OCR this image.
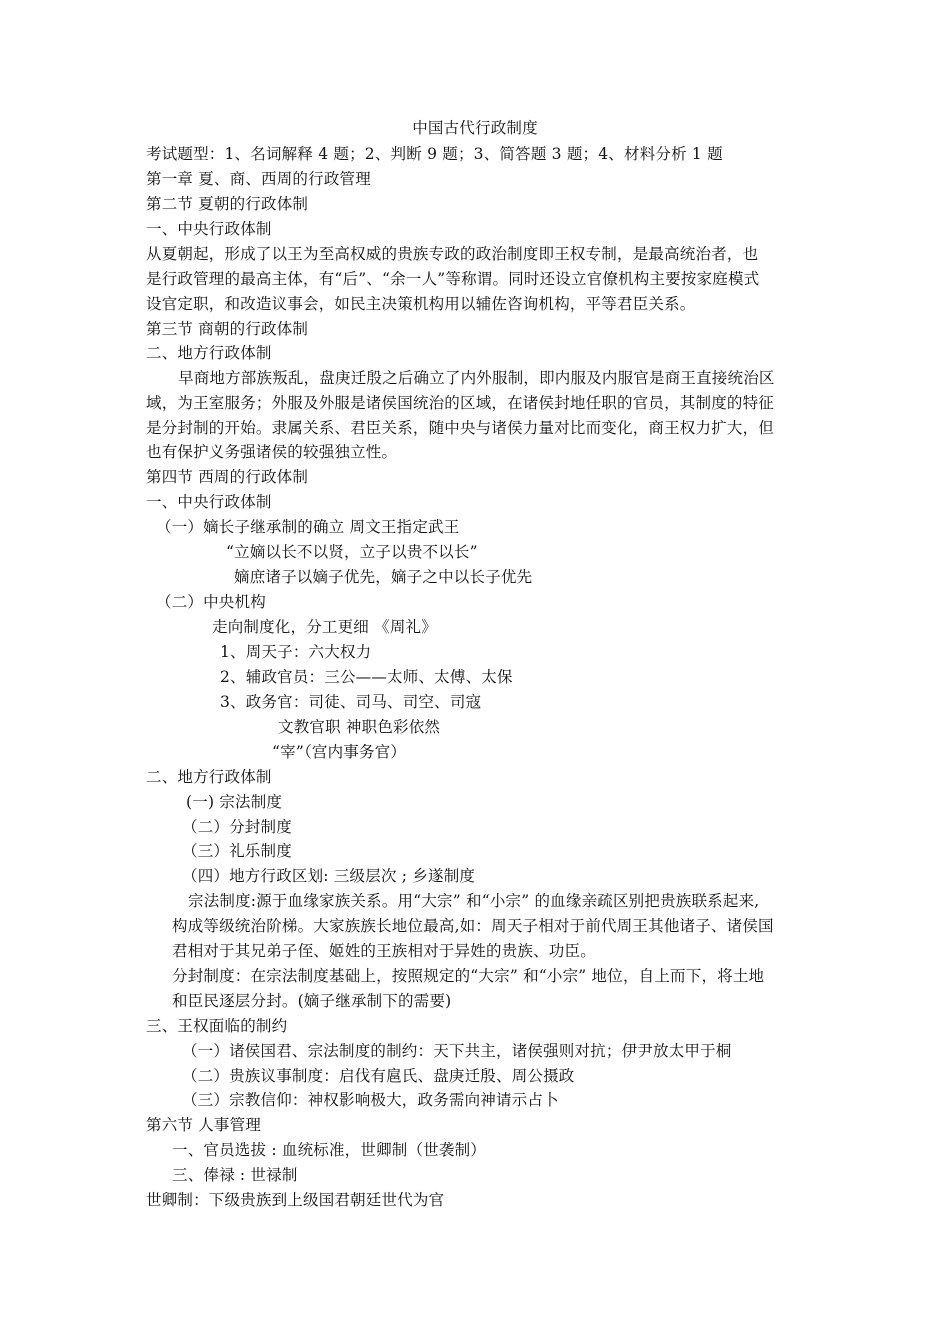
中国古代行政制度
考试题型：1、名词解释 4 题；2、判断 9 题；3、简答题 3 题；4、材料分析 1 题
第一章 夏、商、西周的行政管理
第二节 夏朝的行政体制
一、中央行政体制
从夏朝起，形成了以王为至高权威的贵族专政的政治制度即王权专制，是最高统治者，也
是行政管理的最高主体，有“后”、“余一人”等称谓。同时还设立官僚机构主要按家庭模式
设官定职，和改造议事会，如民主决策机构用以辅佐咨询机构，平等君臣关系。
第三节 商朝的行政体制
二、地方行政体制
早商地方部族叛乱，盘庚迁殷之后确立了内外服制，即内服及内服官是商王直接统治区
域，为王室服务；外服及外服是诸侯国统治的区域，在诸侯封地任职的官员，其制度的特征
是分封制的开始。隶属关系、君臣关系，随中央与诸侯力量对比而变化，商王权力扩大，但
也有保护义务强诸侯的较强独立性。
第四节 西周的行政体制
一、中央行政体制
（一）嫡长子继承制的确立 周文王指定武王
“立嫡以长不以贤，立子以贵不以长”
嫡庶诸子以嫡子优先，嫡子之中以长子优先
（二）中央机构
走向制度化，分工更细 《周礼》
1、周天子：六大权力
2、辅政官员：三公——太师、太傅、太保
3、政务官：司徒、司马、司空、司寇
文教官职 神职色彩依然
“宰”（宫内事务官）
二、地方行政体制
(一) 宗法制度
（二）分封制度
（三）礼乐制度
（四）地方行政区划: 三级层次 ; 乡遂制度
宗法制度:源于血缘家族关系。用“大宗” 和“小宗” 的血缘亲疏区别把贵族联系起来,
构成等级统治阶梯。大家族族长地位最高,如：周天子相对于前代周王其他诸子、诸侯国
君相对于其兄弟子侄、姬姓的王族相对于异姓的贵族、功臣。
分封制度：在宗法制度基础上，按照规定的“大宗” 和“小宗” 地位，自上而下，将土地
和臣民逐层分封。(嫡子继承制下的需要)
三、王权面临的制约
（一）诸侯国君、宗法制度的制约：天下共主，诸侯强则对抗；伊尹放太甲于桐
（二）贵族议事制度：启伐有扈氏、盘庚迁殷、周公摄政
（三）宗教信仰：神权影响极大，政务需向神请示占卜
第六节 人事管理
一、官员选拔 : 血统标准，世卿制（世袭制）
三、俸禄 : 世禄制
世卿制：下级贵族到上级国君朝廷世代为官
